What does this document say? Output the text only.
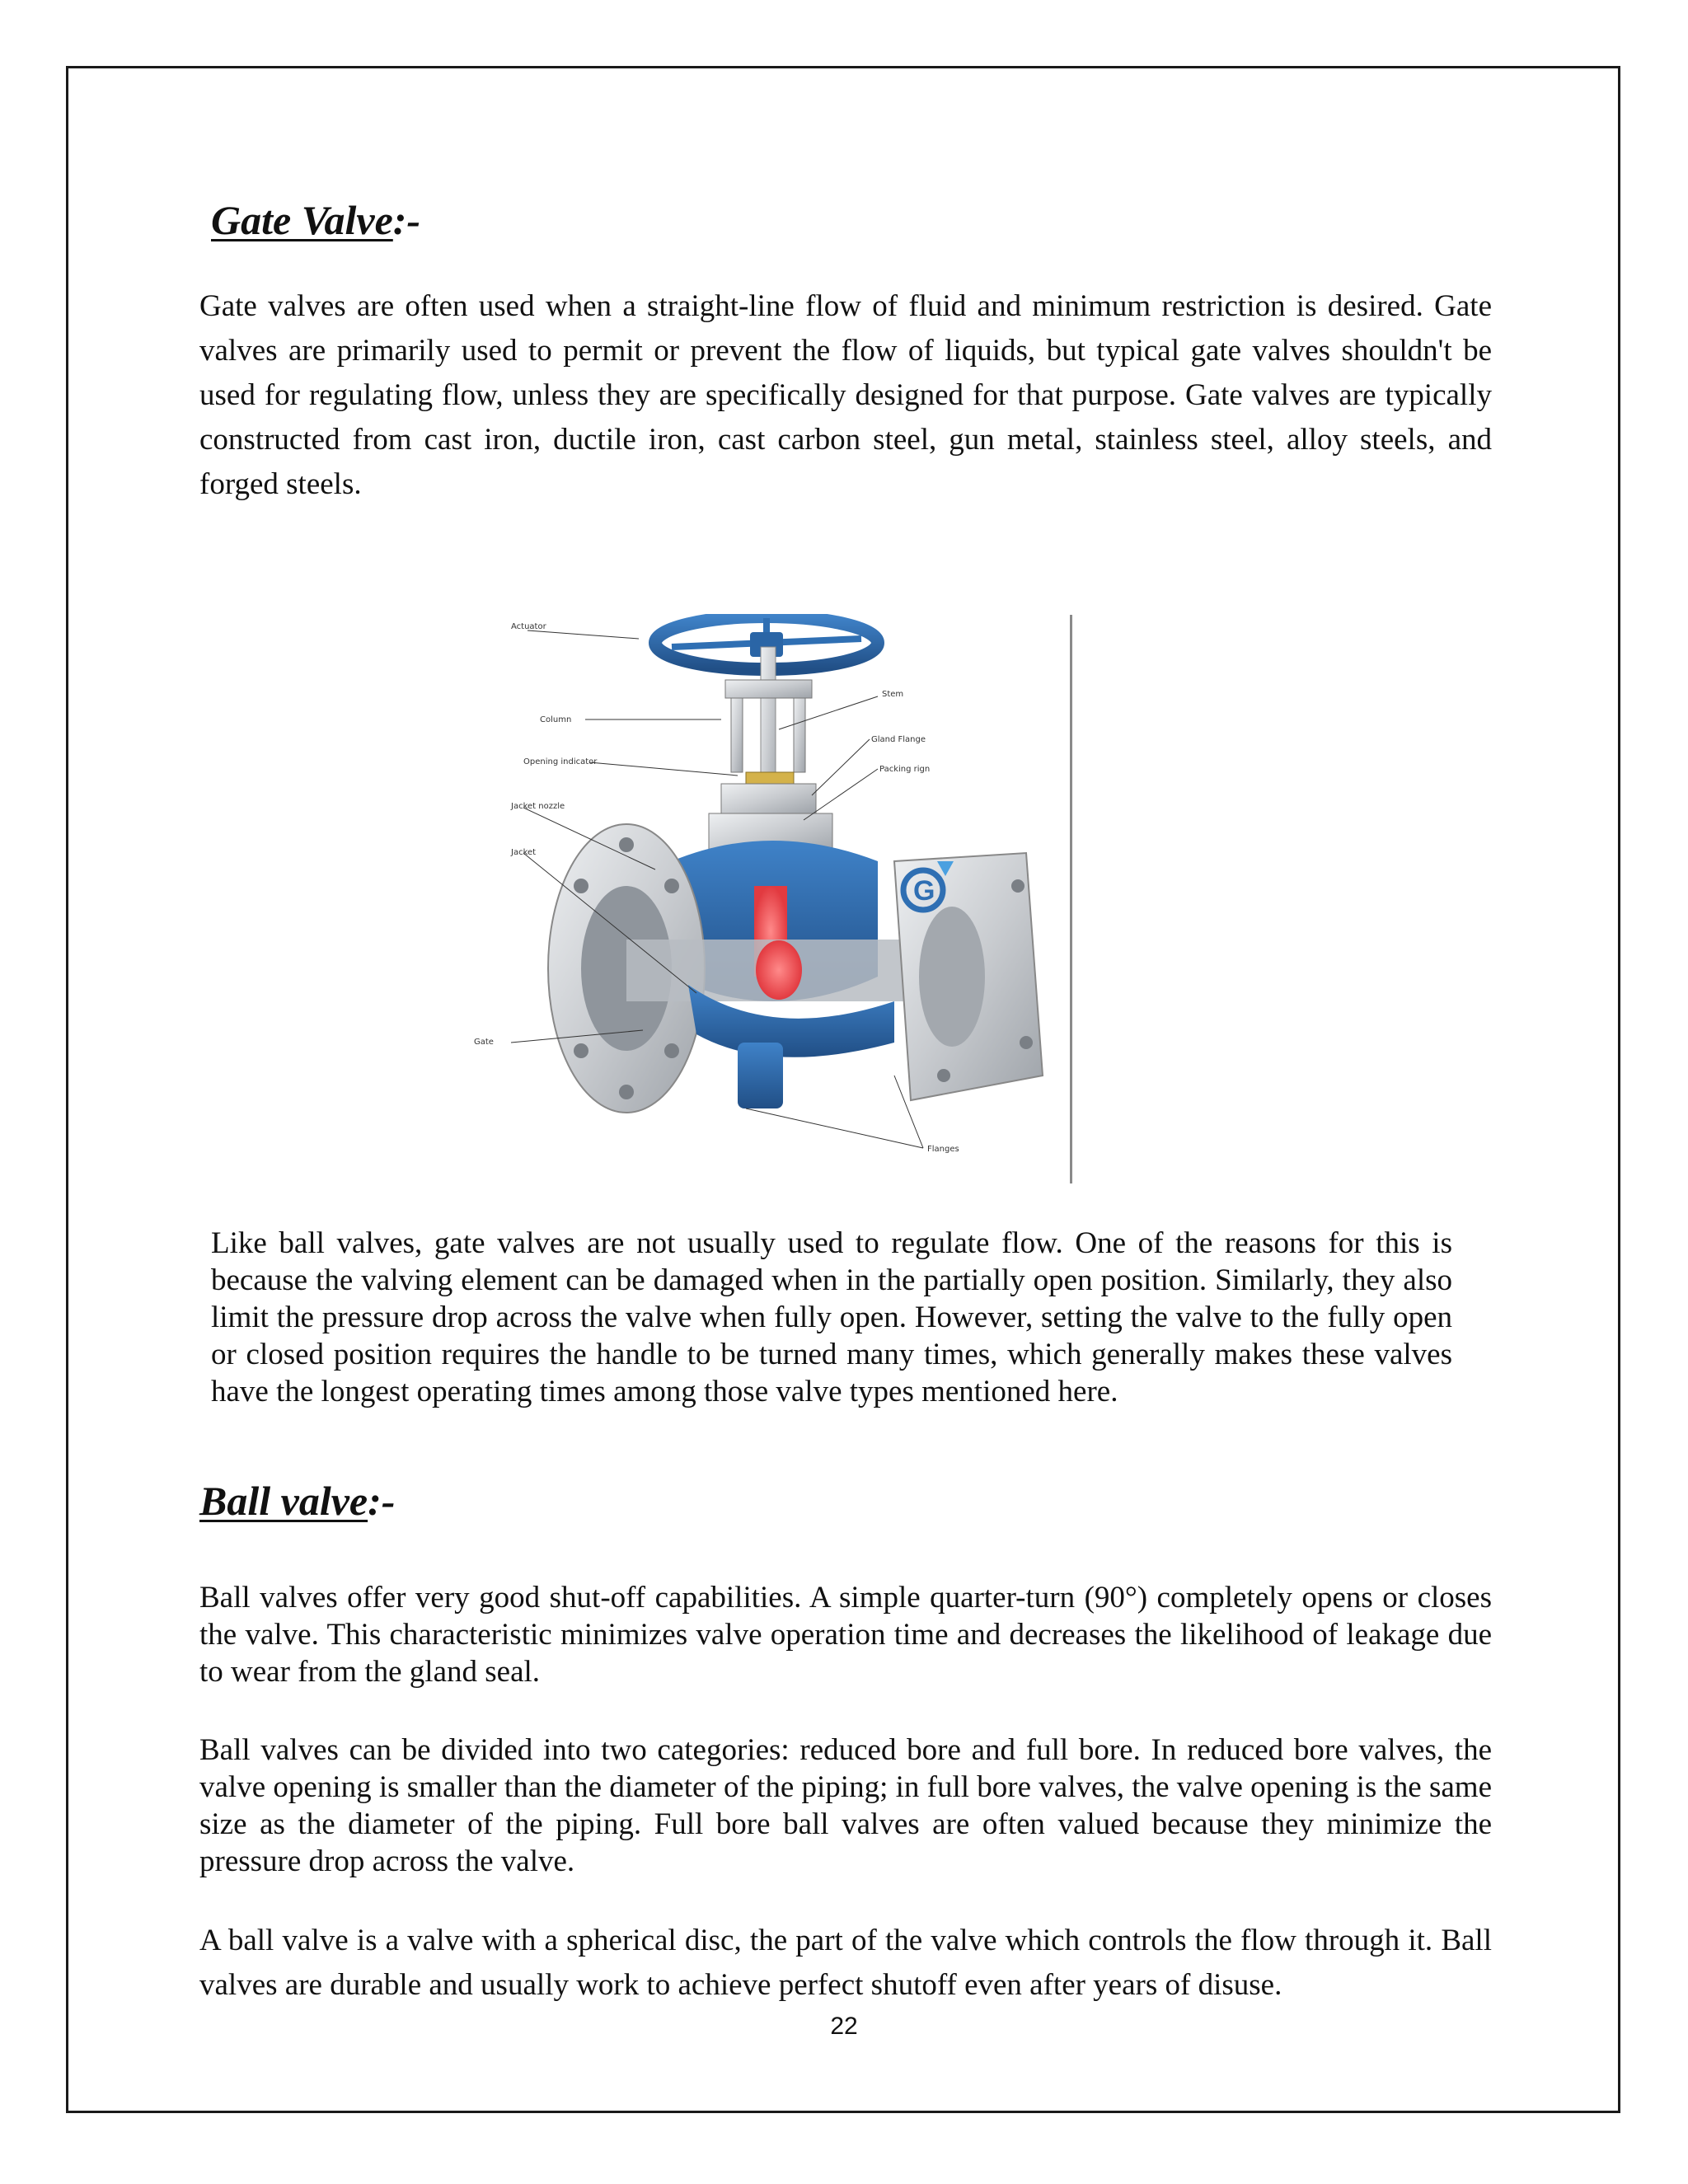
Gate Valve:-

Gate valves are often used when a straight-line flow of fluid and minimum restriction is desired. Gate valves are primarily used to permit or prevent the flow of liquids, but typical gate valves shouldn't be used for regulating flow, unless they are specifically designed for that purpose. Gate valves are typically constructed from cast iron, ductile iron, cast carbon steel, gun metal, stainless steel, alloy steels, and forged steels.

G
Actuator
Column
Opening indicator
Jacket nozzle
Jacket
Gate
Stem
Gland Flange
Packing rign
Flanges

Like ball valves, gate valves are not usually used to regulate flow. One of the reasons for this is because the valving element can be damaged when in the partially open position. Similarly, they also limit the pressure drop across the valve when fully open. However, setting the valve to the fully open or closed position requires the handle to be turned many times, which generally makes these valves have the longest operating times among those valve types mentioned here.

Ball valve:-

Ball valves offer very good shut-off capabilities. A simple quarter-turn (90°) completely opens or closes the valve. This characteristic minimizes valve operation time and decreases the likelihood of leakage due to wear from the gland seal.

Ball valves can be divided into two categories: reduced bore and full bore. In reduced bore valves, the valve opening is smaller than the diameter of the piping; in full bore valves, the valve opening is the same size as the diameter of the piping. Full bore ball valves are often valued because they minimize the pressure drop across the valve.

A ball valve is a valve with a spherical disc, the part of the valve which controls the flow through it. Ball valves are durable and usually work to achieve perfect shutoff even after years of disuse.

22
